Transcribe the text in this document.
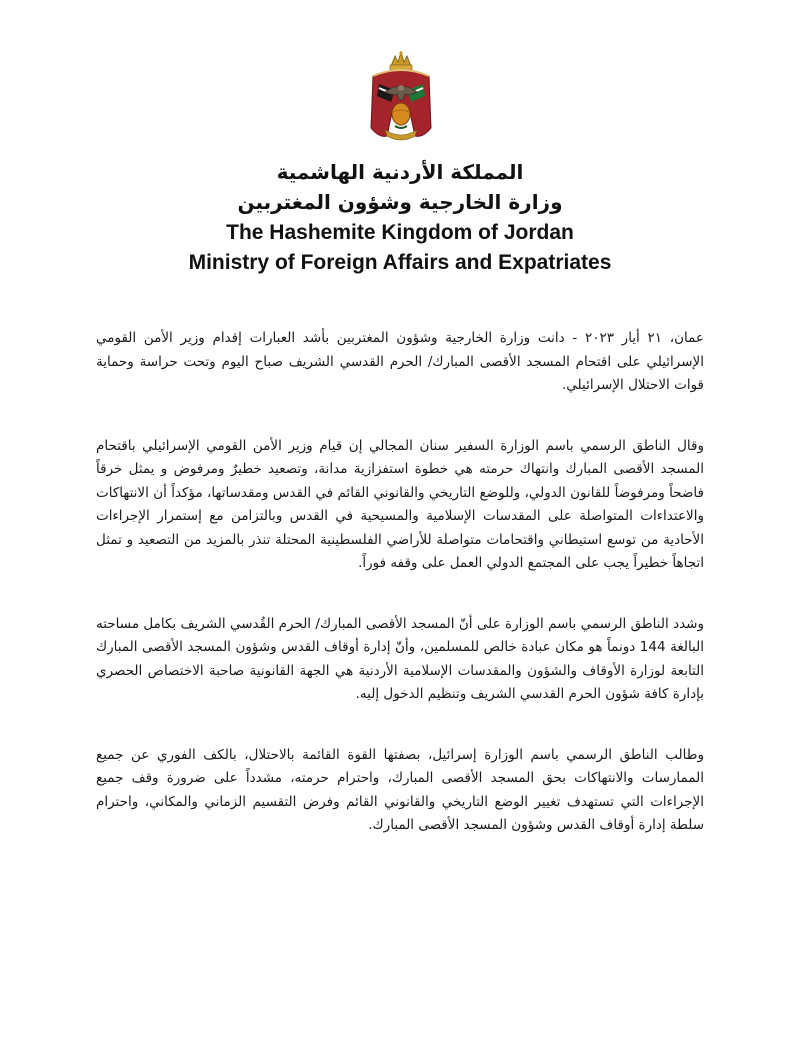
المملكة الأردنية الهاشمية
وزارة الخارجية وشؤون المغتربين
The Hashemite Kingdom of Jordan
Ministry of Foreign Affairs and Expatriates

عمان، ٢١ أيار ٢٠٢٣ - دانت وزارة الخارجية وشؤون المغتربين بأشد العبارات إقدام وزير الأمن القومي الإسرائيلي على اقتحام المسجد الأقصى المبارك/ الحرم القدسي الشريف صباح اليوم وتحت حراسة وحماية قوات الاحتلال الإسرائيلي.

وقال الناطق الرسمي باسم الوزارة السفير سنان المجالي إن قيام وزير الأمن القومي الإسرائيلي باقتحام المسجد الأقصى المبارك وانتهاك حرمته هي خطوة استفزازية مدانة، وتصعيد خطيرٌ ومرفوض و يمثل خرقاً فاضحاً ومرفوضاً للقانون الدولي، وللوضع التاريخي والقانوني القائم في القدس ومقدساتها، مؤكداً أن الانتهاكات والاعتداءات المتواصلة على المقدسات الإسلامية والمسيحية في القدس وبالتزامن مع إستمرار الإجراءات الأحادية من توسع استيطاني واقتحامات متواصلة للأراضي الفلسطينية المحتلة تنذر بالمزيد من التصعيد و تمثل اتجاهاً خطيراً يجب على المجتمع الدولي العمل على وقفه فوراً.

وشدد الناطق الرسمي باسم الوزارة على أنّ المسجد الأقصى المبارك/ الحرم القُدسي الشريف بكامل مساحته البالغة 144 دونماً هو مكان عبادة خالص للمسلمين، وأنّ إدارة أوقاف القدس وشؤون المسجد الأقصى المبارك التابعة لوزارة الأوقاف والشؤون والمقدسات الإسلامية الأردنية هي الجهة القانونية صاحبة الاختصاص الحصري بإدارة كافة شؤون الحرم القدسي الشريف وتنظيم الدخول إليه.

وطالب الناطق الرسمي باسم الوزارة إسرائيل، بصفتها القوة القائمة بالاحتلال، بالكف الفوري عن جميع الممارسات والانتهاكات بحق المسجد الأقصى المبارك، واحترام حرمته، مشدداً على ضرورة وقف جميع الإجراءات التي تستهدف تغيير الوضع التاريخي والقانوني القائم وفرض التقسيم الزماني والمكاني، واحترام سلطة إدارة أوقاف القدس وشؤون المسجد الأقصى المبارك.
